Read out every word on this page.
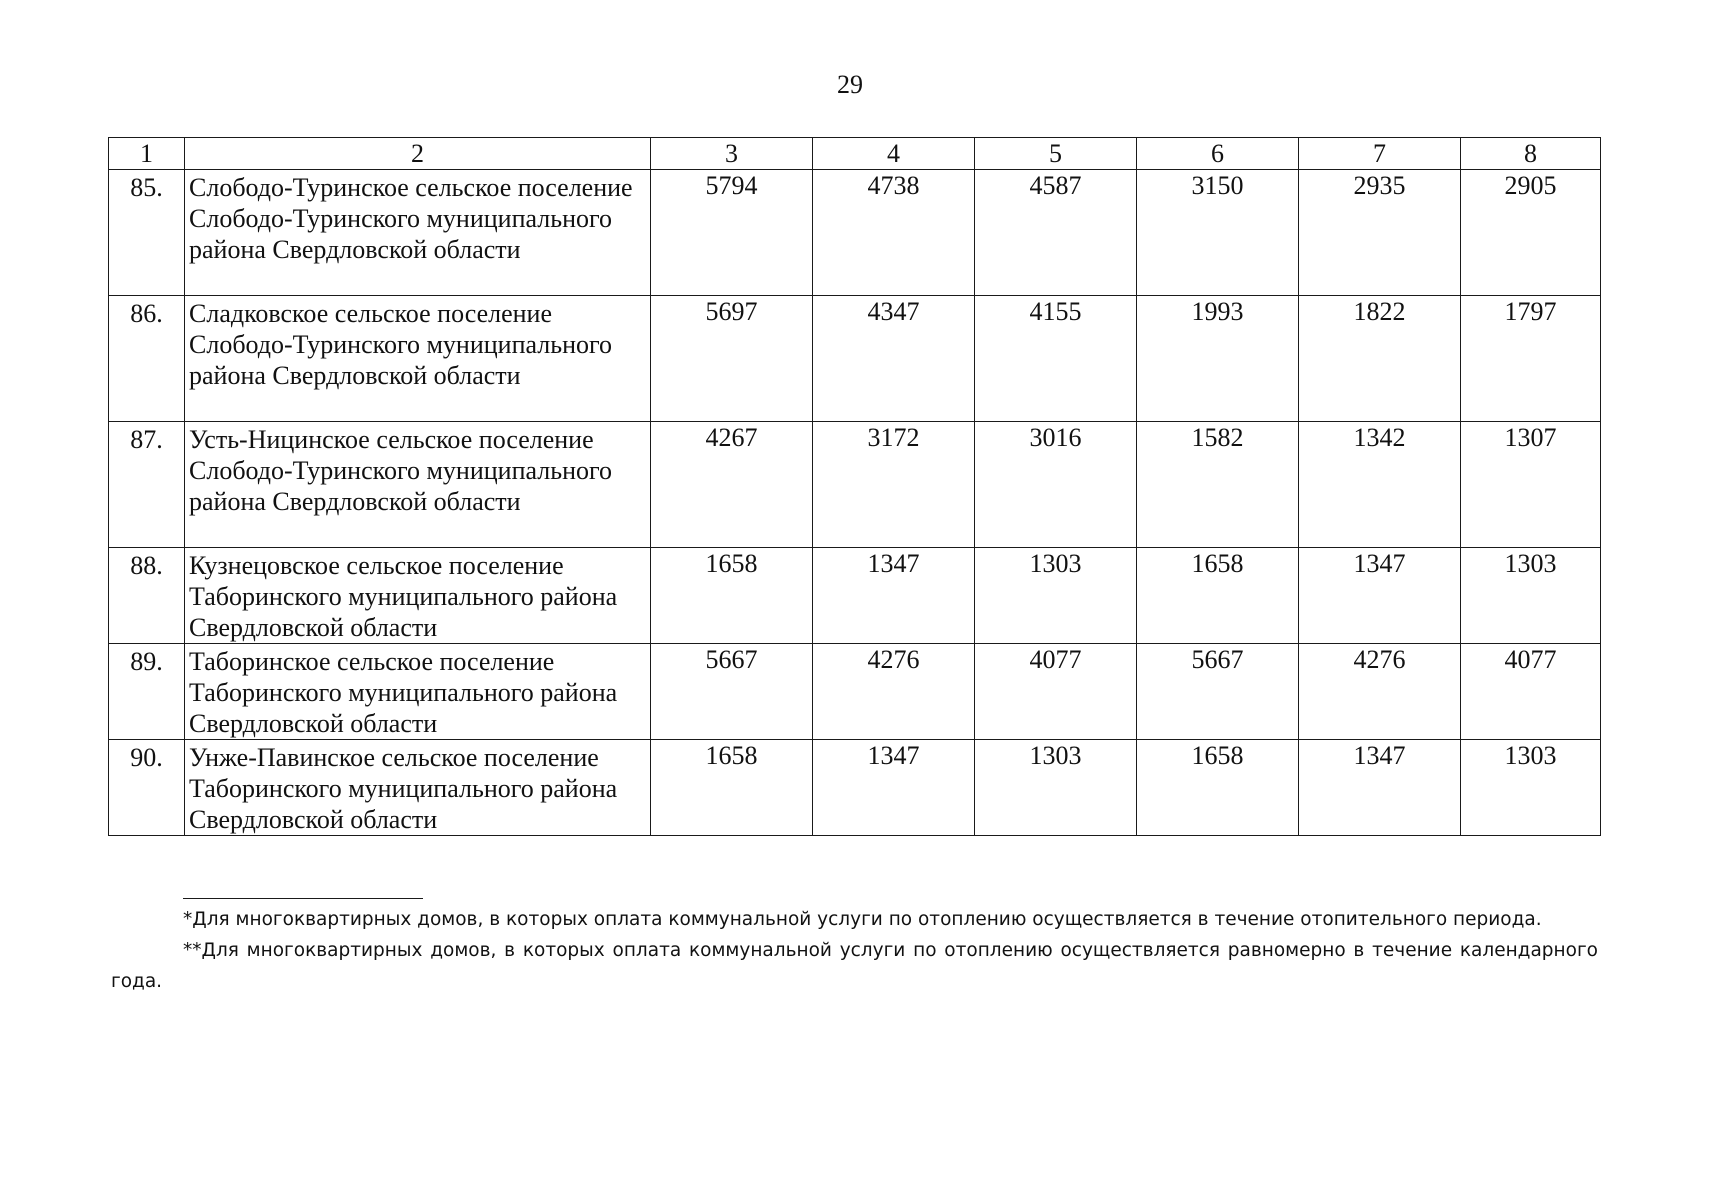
29
1	2	3	4	5	6	7	8
85.	Слободо-Туринское сельское поселение Слободо-Туринского муниципального района Свердловской области	5794	4738	4587	3150	2935	2905
86.	Сладковское сельское поселение Слободо-Туринского муниципального района Свердловской области	5697	4347	4155	1993	1822	1797
87.	Усть-Ницинское сельское поселение Слободо-Туринского муниципального района Свердловской области	4267	3172	3016	1582	1342	1307
88.	Кузнецовское сельское поселение Таборинского муниципального района Свердловской области	1658	1347	1303	1658	1347	1303
89.	Таборинское сельское поселение Таборинского муниципального района Свердловской области	5667	4276	4077	5667	4276	4077
90.	Унже-Павинское сельское поселение Таборинского муниципального района Свердловской области	1658	1347	1303	1658	1347	1303

*Для многоквартирных домов, в которых оплата коммунальной услуги по отоплению осуществляется в течение отопительного периода.

**Для многоквартирных домов, в которых оплата коммунальной услуги по отоплению осуществляется равномерно в течение календарного года.
